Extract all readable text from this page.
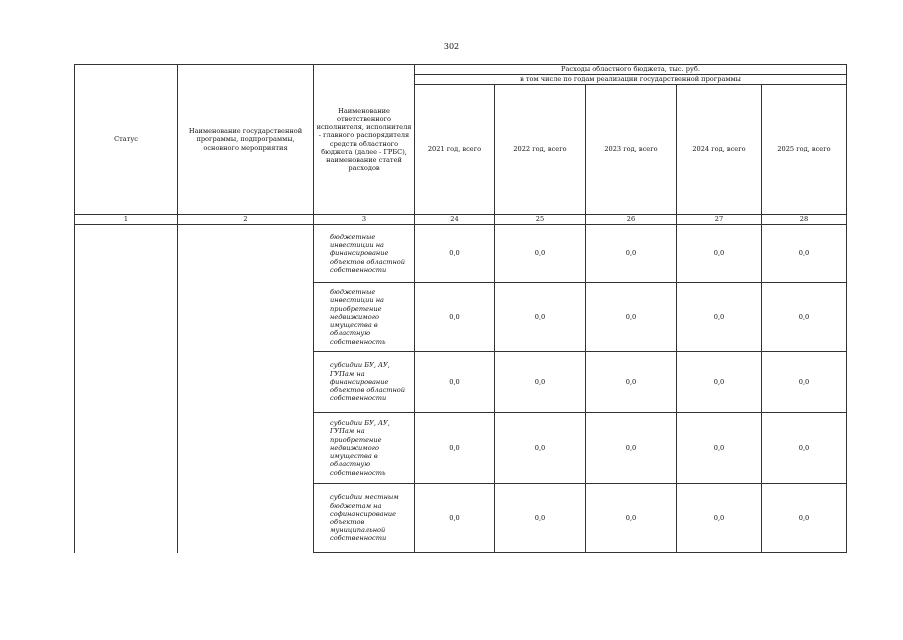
302
Статус	Наименование государственной программы, подпрограммы, основного мероприятия	Наименование ответственного исполнителя, исполнителя - главного распорядителя средств областного бюджета (далее - ГРБС), наименование статей расходов	Расходы областного бюджета, тыс. руб.				
			в том числе по годам реализации государственной программы				
			2021 год, всего	2022 год, всего	2023 год, всего	2024 год, всего	2025 год, всего
1	2	3	24	25	26	27	28
		бюджетные инвестиции на финансирование объектов областной собственности	0,0	0,0	0,0	0,0	0,0
		бюджетные инвестиции на приобретение недвижимого имущества в областную собственность	0,0	0,0	0,0	0,0	0,0
		субсидии БУ, АУ, ГУПам на финансирование объектов областной собственности	0,0	0,0	0,0	0,0	0,0
		субсидии БУ, АУ, ГУПам на приобретение недвижимого имущества в областную собственность	0,0	0,0	0,0	0,0	0,0
		субсидии местным бюджетам на софинансирование объектов муниципальной собственности	0,0	0,0	0,0	0,0	0,0
